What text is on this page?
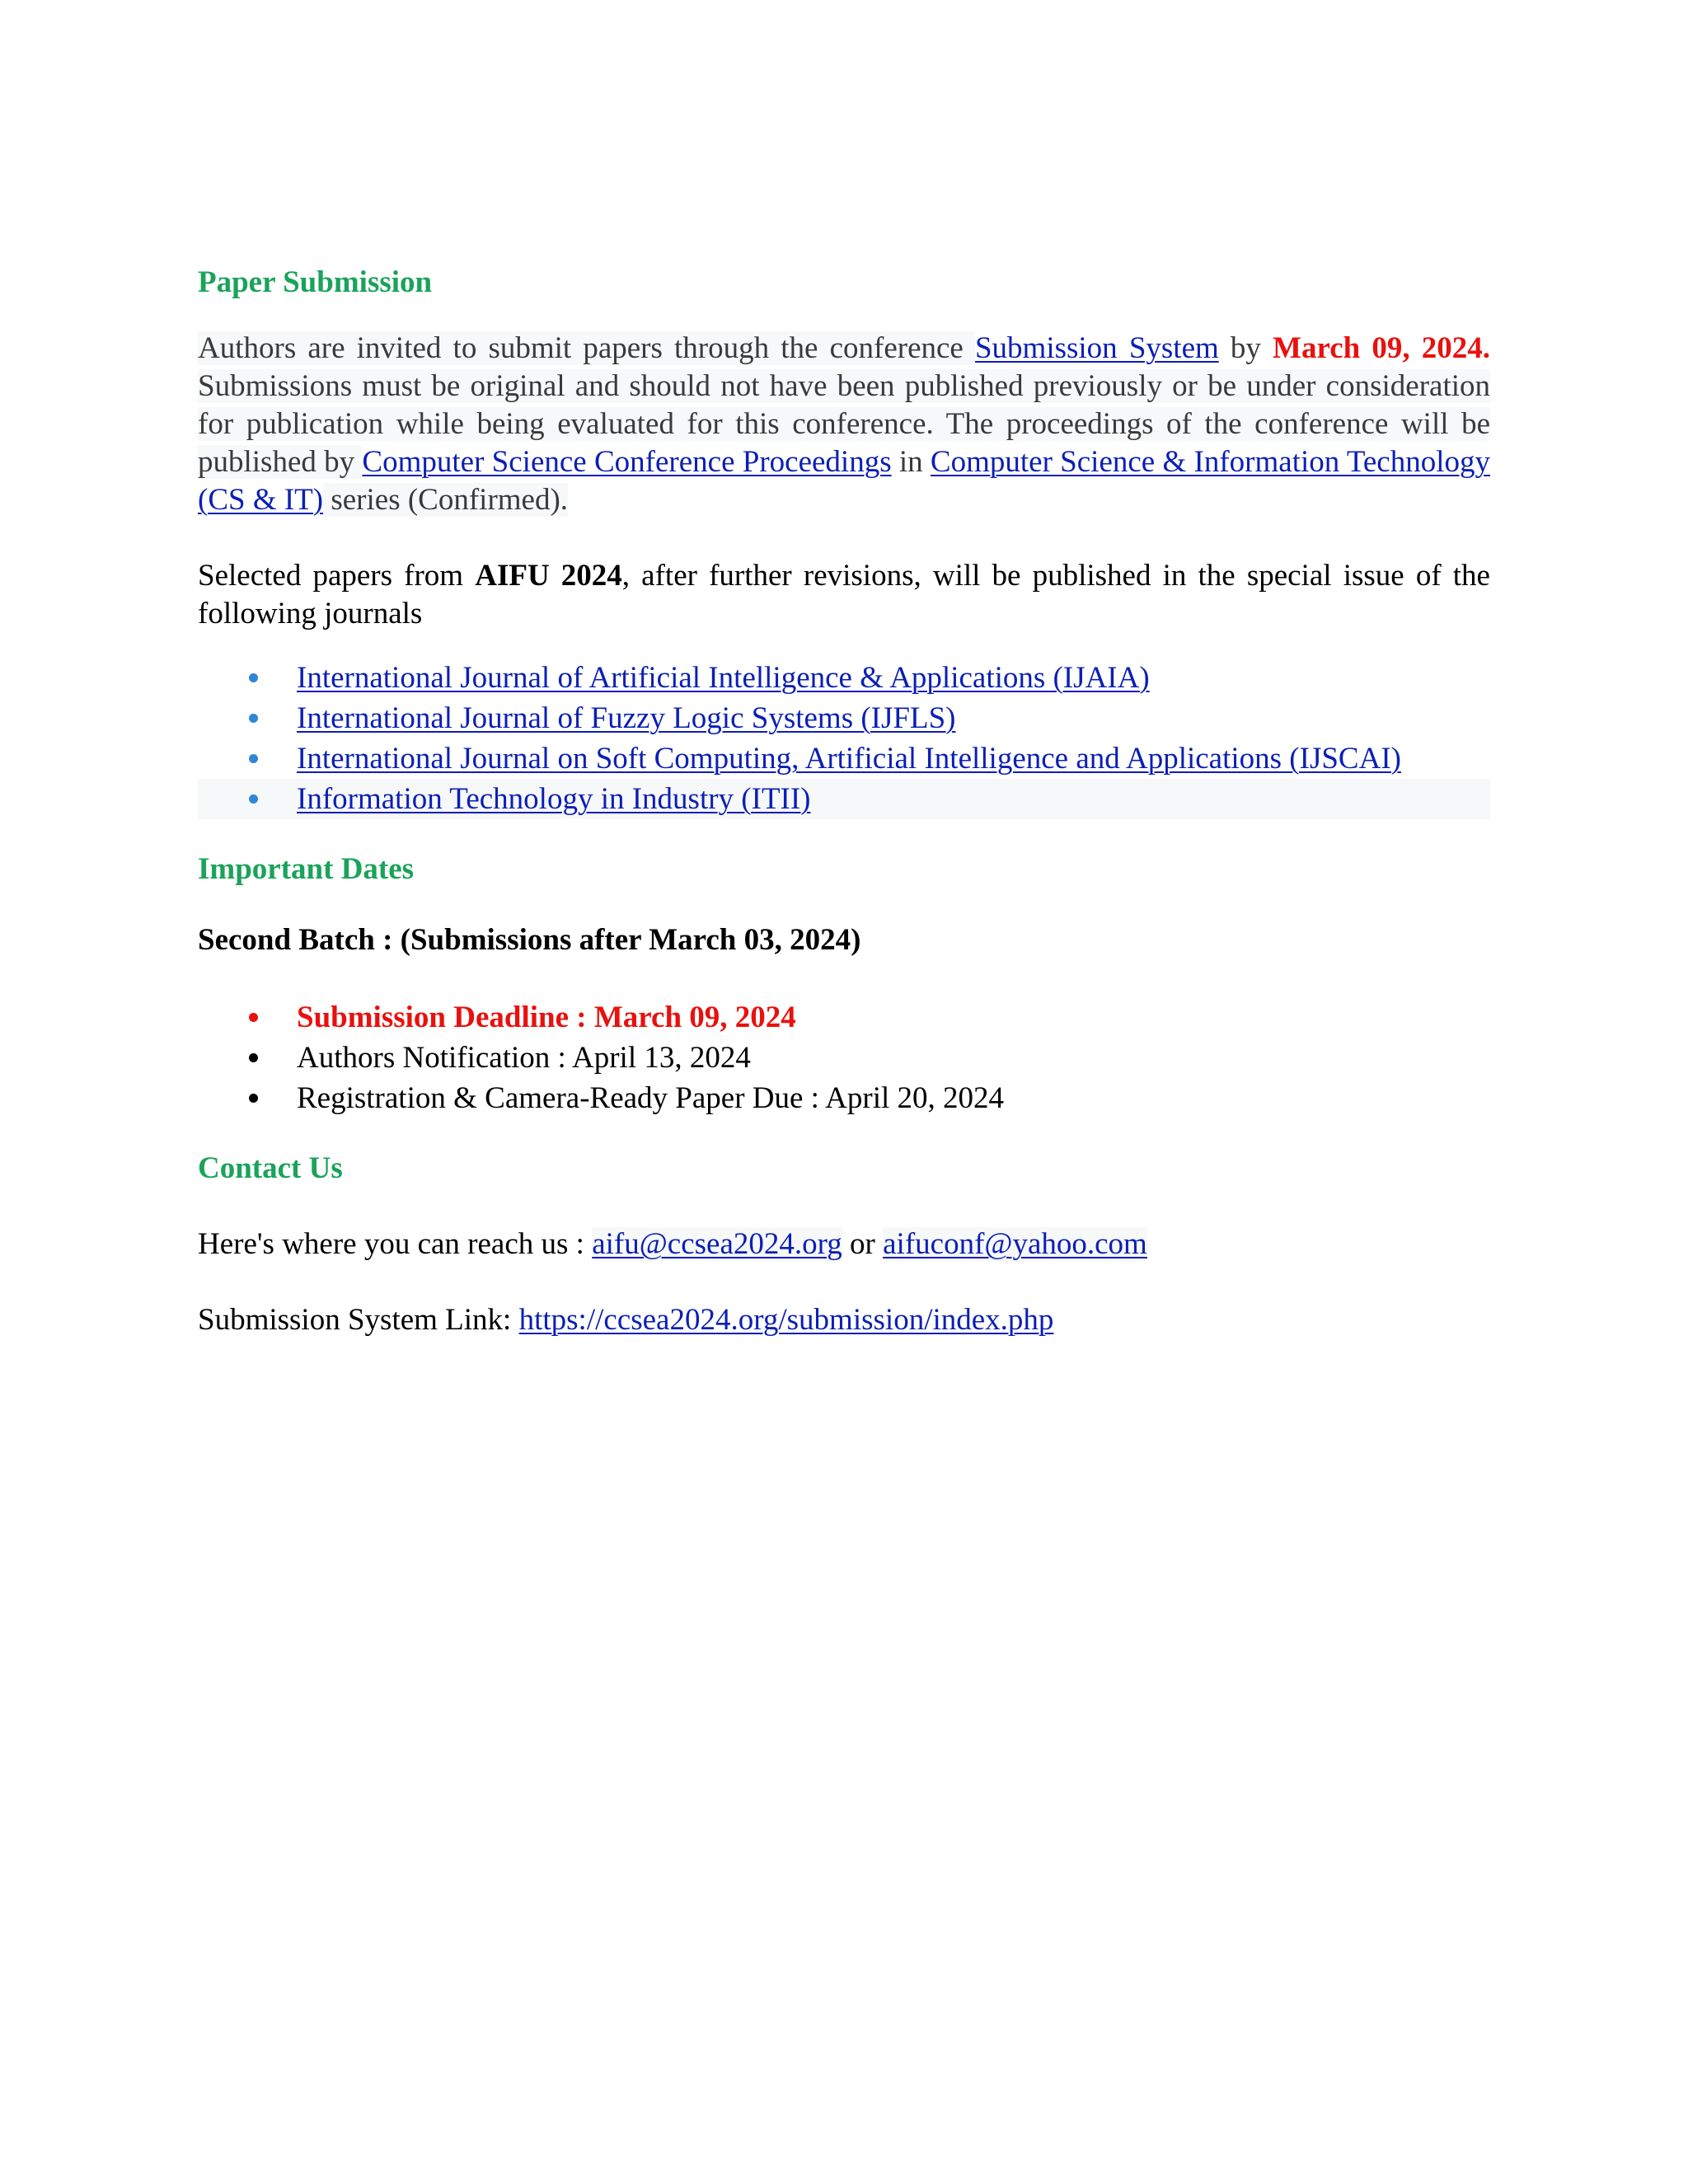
Paper Submission

Authors are invited to submit papers through the conference Submission System by March 09, 2024. Submissions must be original and should not have been published previously or be under consideration for publication while being evaluated for this conference. The proceedings of the conference will be published by Computer Science Conference Proceedings in Computer Science & Information Technology (CS & IT) series (Confirmed).

Selected papers from AIFU 2024, after further revisions, will be published in the special issue of the following journals

International Journal of Artificial Intelligence & Applications (IJAIA)
International Journal of Fuzzy Logic Systems (IJFLS)
International Journal on Soft Computing, Artificial Intelligence and Applications (IJSCAI)
Information Technology in Industry (ITII)
Important Dates
Second Batch : (Submissions after March 03, 2024)
Submission Deadline : March 09, 2024
Authors Notification : April 13, 2024
Registration & Camera-Ready Paper Due : April 20, 2024
Contact Us

Here's where you can reach us : aifu@ccsea2024.org or aifuconf@yahoo.com

Submission System Link: https://ccsea2024.org/submission/index.php
